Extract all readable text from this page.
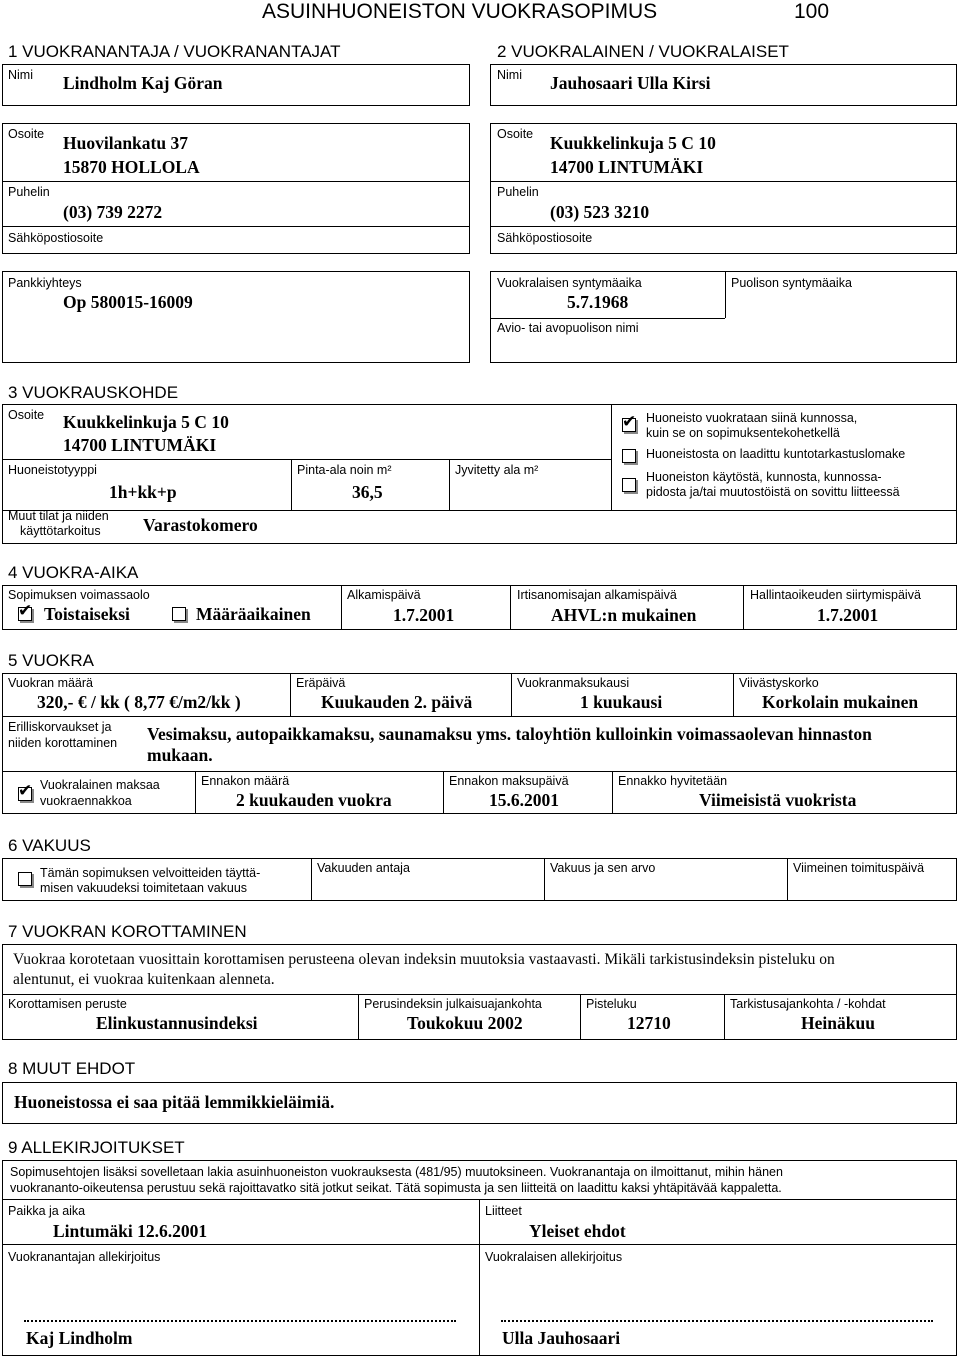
ASUINHUONEISTON VUOKRASOPIMUS	100
1 VUOKRANANTAJA / VUOKRANANTAJAT	2 VUOKRALAINEN / VUOKRALAISET
Nimi Lindholm Kaj Göran
Osoite Huovilankatu 37
15870 HOLLOLA
Puhelin
(03) 739 2272
Sähköpostiosoite
Pankkiyhteys
Op 580015-16009
Nimi Jauhosaari Ulla Kirsi
Osoite Kuukkelinkuja 5 C 10
14700 LINTUMÄKI
Puhelin
(03) 523 3210
Sähköpostiosoite
Vuokralaisen syntymäaika
5.7.1968
Puolison syntymäaika
Avio- tai avopuolison nimi
3 VUOKRAUSKOHDE
Osoite Kuukkelinkuja 5 C 10
14700 LINTUMÄKI
Huoneistotyyppi
1h+kk+p
Pinta-ala noin m²
36,5
Jyvitetty ala m²
Muut tilat ja niiden
käyttötarkoitus Varastokomero
✔ Huoneisto vuokrataan siinä kunnossa,
kuin se on sopimuksentekohetkellä
Huoneistosta on laadittu kuntotarkastuslomake
Huoneiston käytöstä, kunnosta, kunnossa-
pidosta ja/tai muutostöistä on sovittu liitteessä
4 VUOKRA-AIKA
Sopimuksen voimassaolo
✔ Toistaiseksi	Määräaikainen
Alkamispäivä
1.7.2001
Irtisanomisajan alkamispäivä
AHVL:n mukainen
Hallintaoikeuden siirtymispäivä
1.7.2001
5 VUOKRA
Vuokran määrä
320,- € / kk ( 8,77 €/m2/kk )
Eräpäivä
Kuukauden 2. päivä
Vuokranmaksukausi
1 kuukausi
Viivästyskorko
Korkolain mukainen
Erilliskorvaukset ja
niiden korottaminen Vesimaksu, autopaikkamaksu, saunamaksu yms. taloyhtiön kulloinkin voimassaolevan hinnaston
mukaan.
✔ Vuokralainen maksaa
vuokraennakkoa
Ennakon määrä
2 kuukauden vuokra
Ennakon maksupäivä
15.6.2001
Ennakko hyvitetään
Viimeisistä vuokrista
6 VAKUUS
Tämän sopimuksen velvoitteiden täyttä-
misen vakuudeksi toimitetaan vakuus
Vakuuden antaja	Vakuus ja sen arvo	Viimeinen toimituspäivä
7 VUOKRAN KOROTTAMINEN
Vuokraa korotetaan vuosittain korottamisen perusteena olevan indeksin muutoksia vastaavasti. Mikäli tarkistusindeksin pisteluku on
alentunut, ei vuokraa kuitenkaan alenneta.
Korottamisen peruste
Elinkustannusindeksi
Perusindeksin julkaisuajankohta
Toukokuu 2002
Pisteluku
12710
Tarkistusajankohta / -kohdat
Heinäkuu
8 MUUT EHDOT
Huoneistossa ei saa pitää lemmikkieläimiä.
9 ALLEKIRJOITUKSET
Sopimusehtojen lisäksi sovelletaan lakia asuinhuoneiston vuokrauksesta (481/95) muutoksineen. Vuokranantaja on ilmoittanut, mihin hänen
vuokranantо-oikeutensa perustuu sekä rajoittavatko sitä jotkut seikat. Tätä sopimusta ja sen liitteitä on laadittu kaksi yhtäpitävää kappaletta.
Paikka ja aika
Lintumäki 12.6.2001
Liitteet
Yleiset ehdot
Vuokranantajan allekirjoitus	Vuokralaisen allekirjoitus
Kaj Lindholm	Ulla Jauhosaari
